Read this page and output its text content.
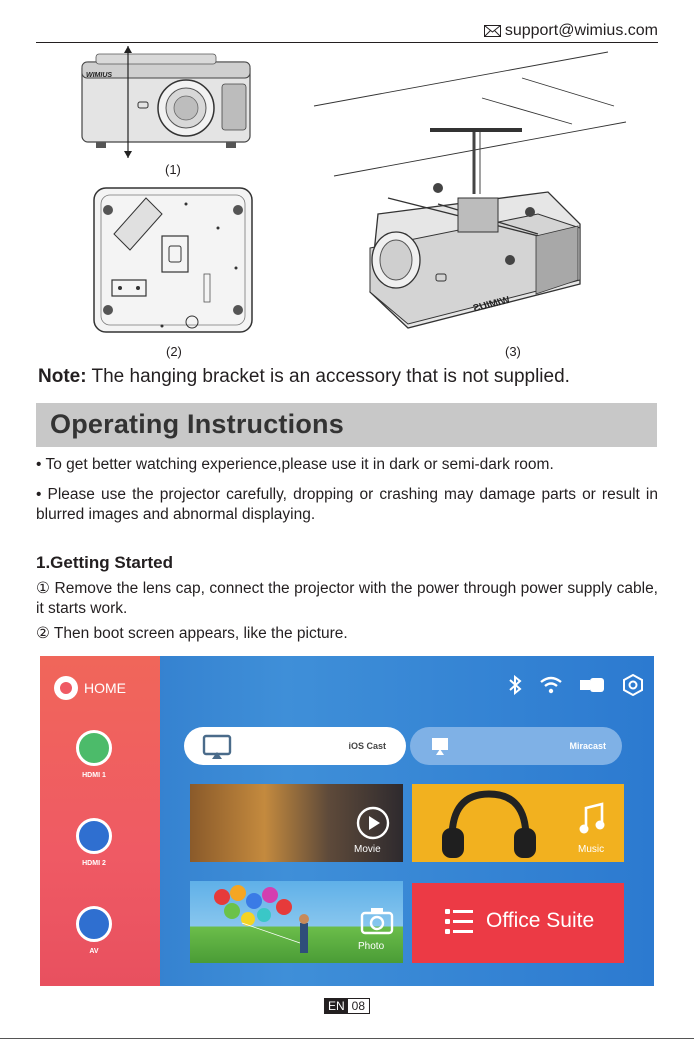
support@wimius.com
WIMIUS
(1)
(2)
WIMIUS
(3)
Note: The hanging bracket is an accessory that is not supplied.
Operating Instructions
• To get better watching experience,please use it in dark or semi-dark room.
• Please use the projector carefully, dropping or crashing may damage parts or result in blurred images and abnormal displaying.
1.Getting Started
① Remove the lens cap, connect the projector with the power through power supply cable, it starts work.
② Then boot screen appears, like the picture.
HOME
HDMI 1
HDMI 2
AV
iOS Cast	Miracast
Movie	Music
Photo
Office Suite
EN 08
